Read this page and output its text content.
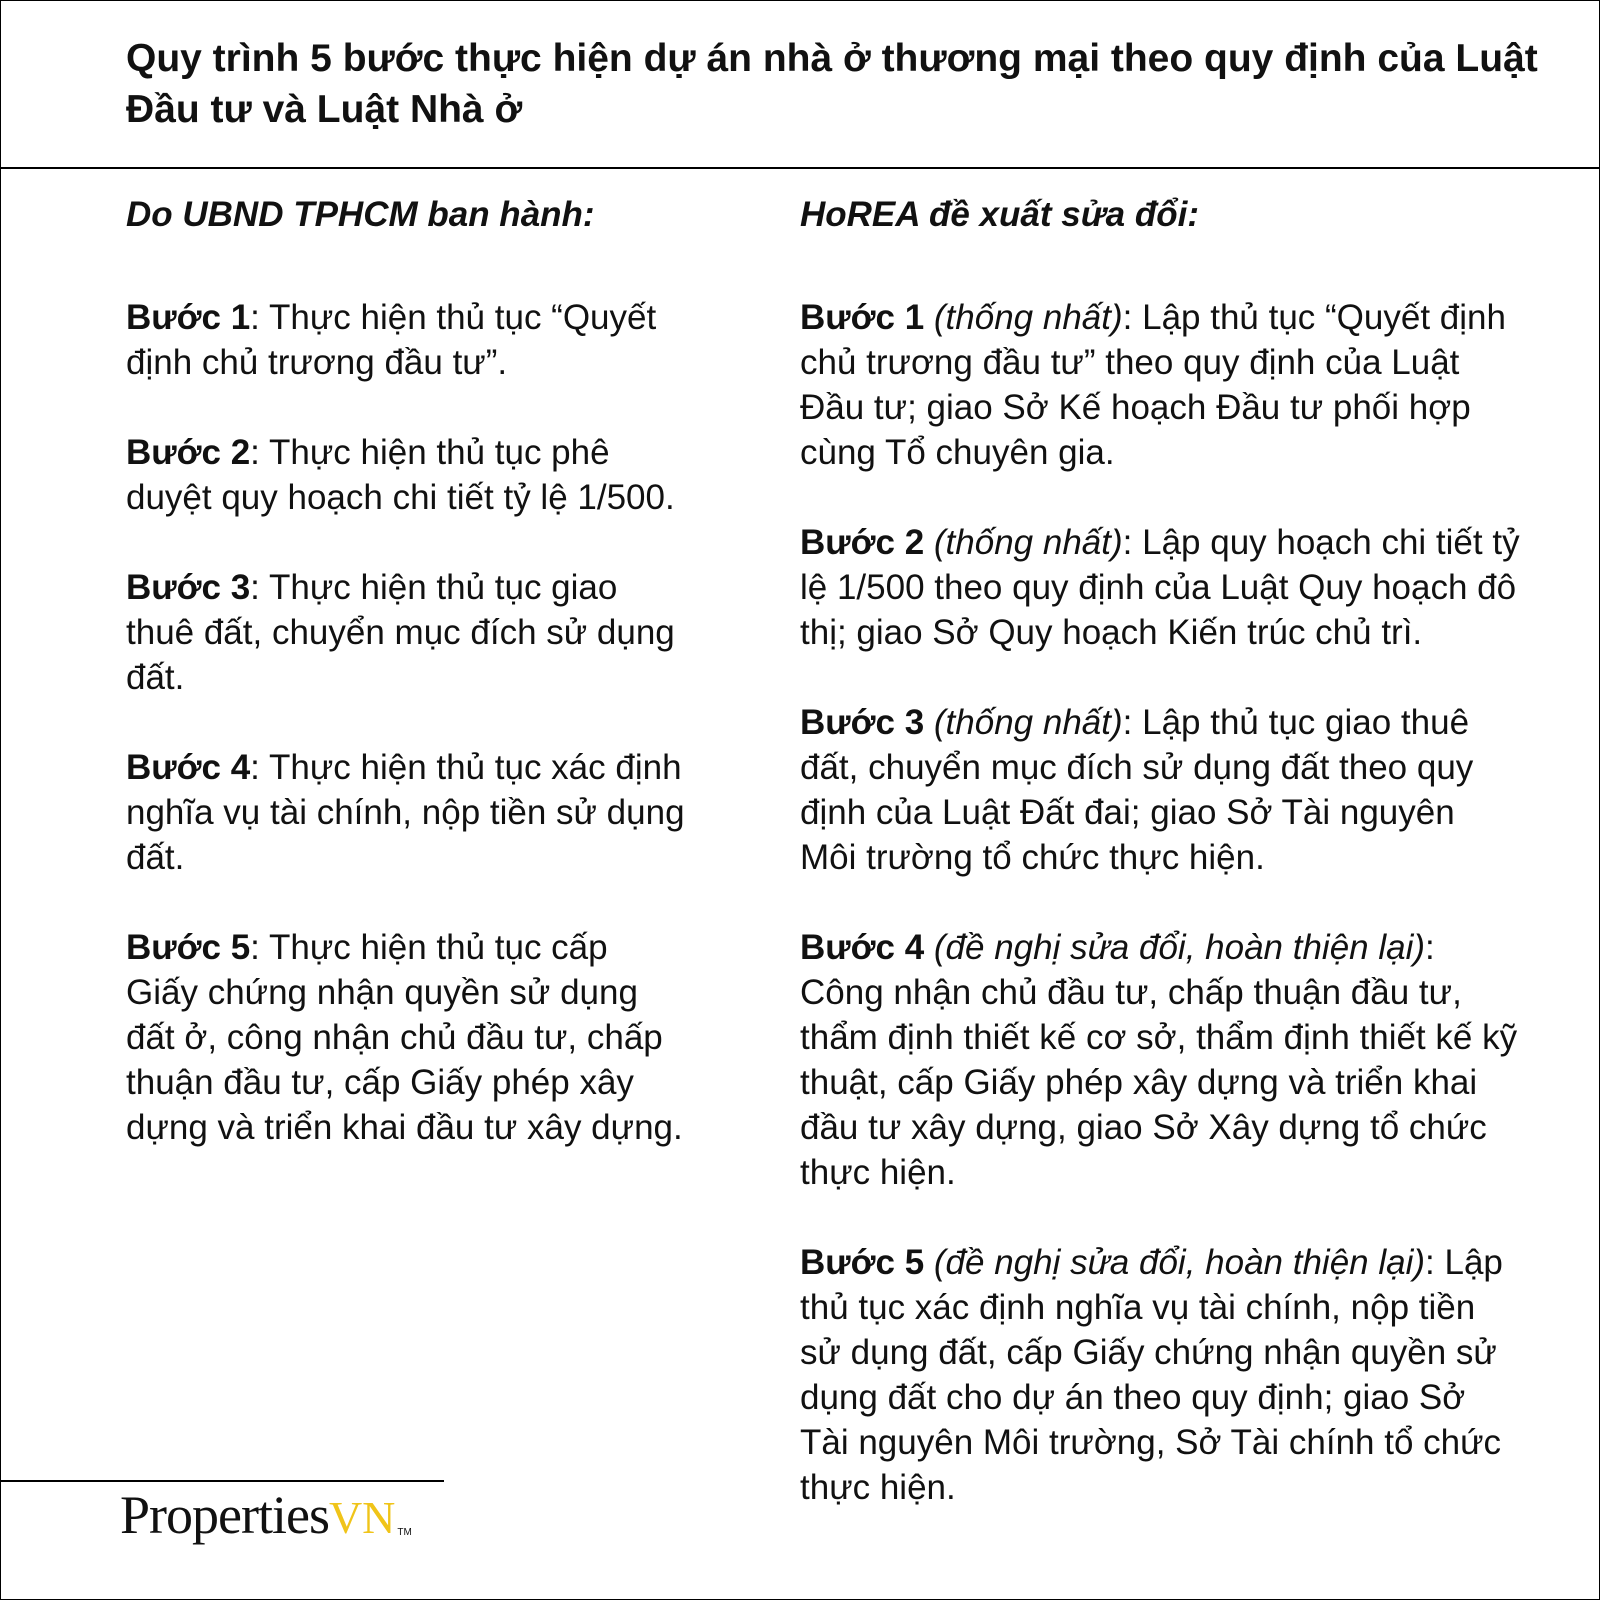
Quy trình 5 bước thực hiện dự án nhà ở thương mại theo quy định của Luật Đầu tư và Luật Nhà ở

Do UBND TPHCM ban hành:

Bước 1: Thực hiện thủ tục “Quyết định chủ trương đầu tư”.

Bước 2: Thực hiện thủ tục phê duyệt quy hoạch chi tiết tỷ lệ 1/500.

Bước 3: Thực hiện thủ tục giao thuê đất, chuyển mục đích sử dụng đất.

Bước 4: Thực hiện thủ tục xác định nghĩa vụ tài chính, nộp tiền sử dụng đất.

Bước 5: Thực hiện thủ tục cấp Giấy chứng nhận quyền sử dụng đất ở, công nhận chủ đầu tư, chấp thuận đầu tư, cấp Giấy phép xây dựng và triển khai đầu tư xây dựng.

HoREA đề xuất sửa đổi:

Bước 1 (thống nhất): Lập thủ tục “Quyết định chủ trương đầu tư” theo quy định của Luật Đầu tư; giao Sở Kế hoạch Đầu tư phối hợp cùng Tổ chuyên gia.

Bước 2 (thống nhất): Lập quy hoạch chi tiết tỷ lệ 1/500 theo quy định của Luật Quy hoạch đô thị; giao Sở Quy hoạch Kiến trúc chủ trì.

Bước 3 (thống nhất): Lập thủ tục giao thuê đất, chuyển mục đích sử dụng đất theo quy định của Luật Đất đai; giao Sở Tài nguyên Môi trường tổ chức thực hiện.

Bước 4 (đề nghị sửa đổi, hoàn thiện lại): Công nhận chủ đầu tư, chấp thuận đầu tư, thẩm định thiết kế cơ sở, thẩm định thiết kế kỹ thuật, cấp Giấy phép xây dựng và triển khai đầu tư xây dựng, giao Sở Xây dựng tổ chức thực hiện.

Bước 5 (đề nghị sửa đổi, hoàn thiện lại): Lập thủ tục xác định nghĩa vụ tài chính, nộp tiền sử dụng đất, cấp Giấy chứng nhận quyền sử dụng đất cho dự án theo quy định; giao Sở Tài nguyên Môi trường, Sở Tài chính tổ chức thực hiện.

PropertiesVN TM
